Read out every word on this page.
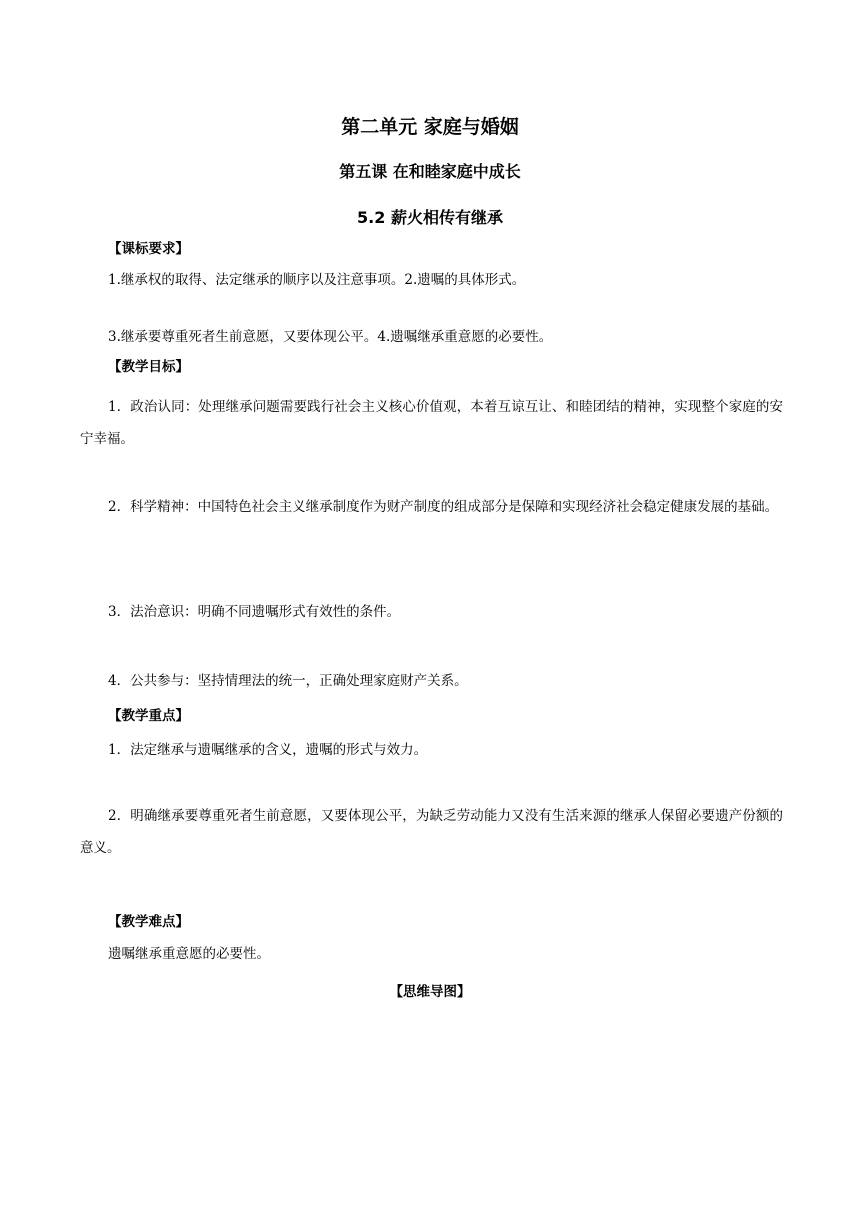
第二单元 家庭与婚姻
第五课 在和睦家庭中成长
5.2 薪火相传有继承
【课标要求】
1.继承权的取得、法定继承的顺序以及注意事项。2.遗嘱的具体形式。
3.继承要尊重死者生前意愿，又要体现公平。4.遗嘱继承重意愿的必要性。
【教学目标】
1．政治认同：处理继承问题需要践行社会主义核心价值观，本着互谅互让、和睦团结的精神，实现整个家庭的安宁幸福。
2．科学精神：中国特色社会主义继承制度作为财产制度的组成部分是保障和实现经济社会稳定健康发展的基础。
3．法治意识：明确不同遗嘱形式有效性的条件。
4．公共参与：坚持情理法的统一，正确处理家庭财产关系。
【教学重点】
1．法定继承与遗嘱继承的含义，遗嘱的形式与效力。
2．明确继承要尊重死者生前意愿，又要体现公平，为缺乏劳动能力又没有生活来源的继承人保留必要遗产份额的意义。
【教学难点】
遗嘱继承重意愿的必要性。
【思维导图】
